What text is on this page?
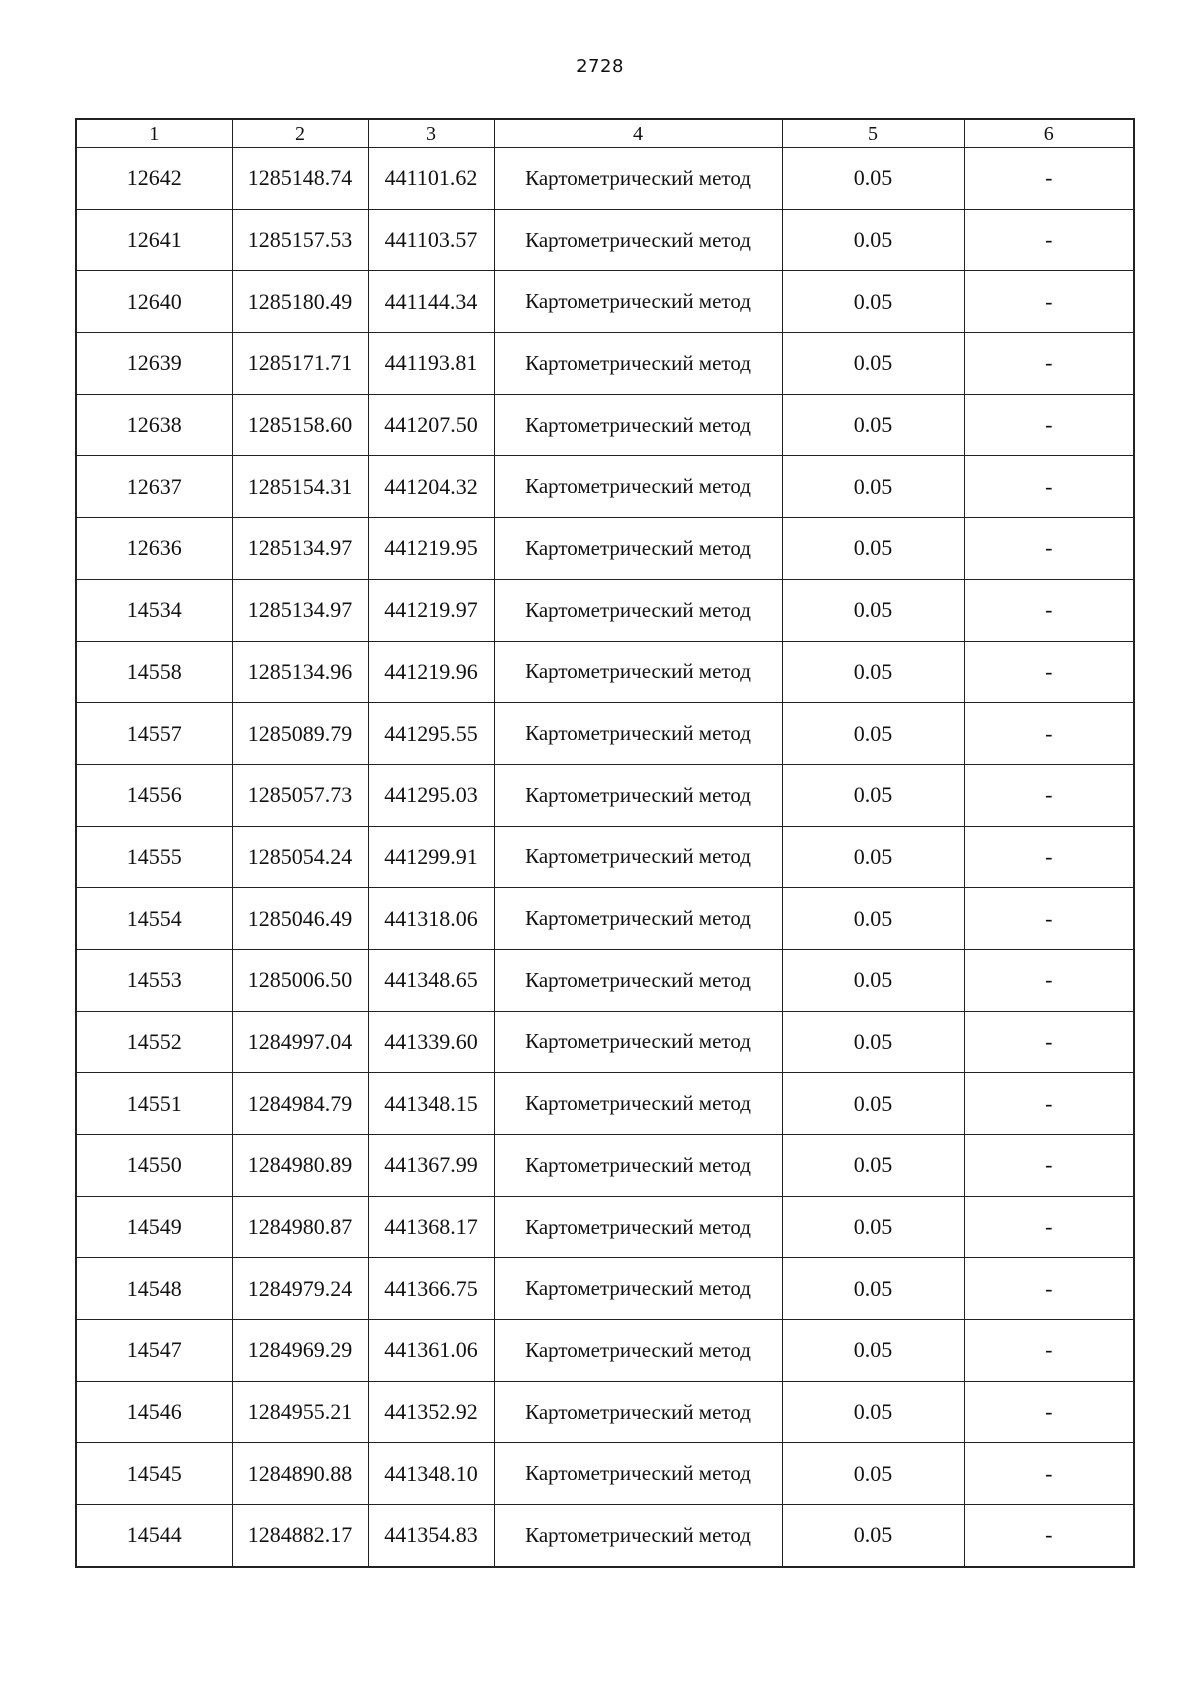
2728
1	2	3	4	5	6
12642	1285148.74	441101.62	Картометрический метод	0.05	-
12641	1285157.53	441103.57	Картометрический метод	0.05	-
12640	1285180.49	441144.34	Картометрический метод	0.05	-
12639	1285171.71	441193.81	Картометрический метод	0.05	-
12638	1285158.60	441207.50	Картометрический метод	0.05	-
12637	1285154.31	441204.32	Картометрический метод	0.05	-
12636	1285134.97	441219.95	Картометрический метод	0.05	-
14534	1285134.97	441219.97	Картометрический метод	0.05	-
14558	1285134.96	441219.96	Картометрический метод	0.05	-
14557	1285089.79	441295.55	Картометрический метод	0.05	-
14556	1285057.73	441295.03	Картометрический метод	0.05	-
14555	1285054.24	441299.91	Картометрический метод	0.05	-
14554	1285046.49	441318.06	Картометрический метод	0.05	-
14553	1285006.50	441348.65	Картометрический метод	0.05	-
14552	1284997.04	441339.60	Картометрический метод	0.05	-
14551	1284984.79	441348.15	Картометрический метод	0.05	-
14550	1284980.89	441367.99	Картометрический метод	0.05	-
14549	1284980.87	441368.17	Картометрический метод	0.05	-
14548	1284979.24	441366.75	Картометрический метод	0.05	-
14547	1284969.29	441361.06	Картометрический метод	0.05	-
14546	1284955.21	441352.92	Картометрический метод	0.05	-
14545	1284890.88	441348.10	Картометрический метод	0.05	-
14544	1284882.17	441354.83	Картометрический метод	0.05	-
